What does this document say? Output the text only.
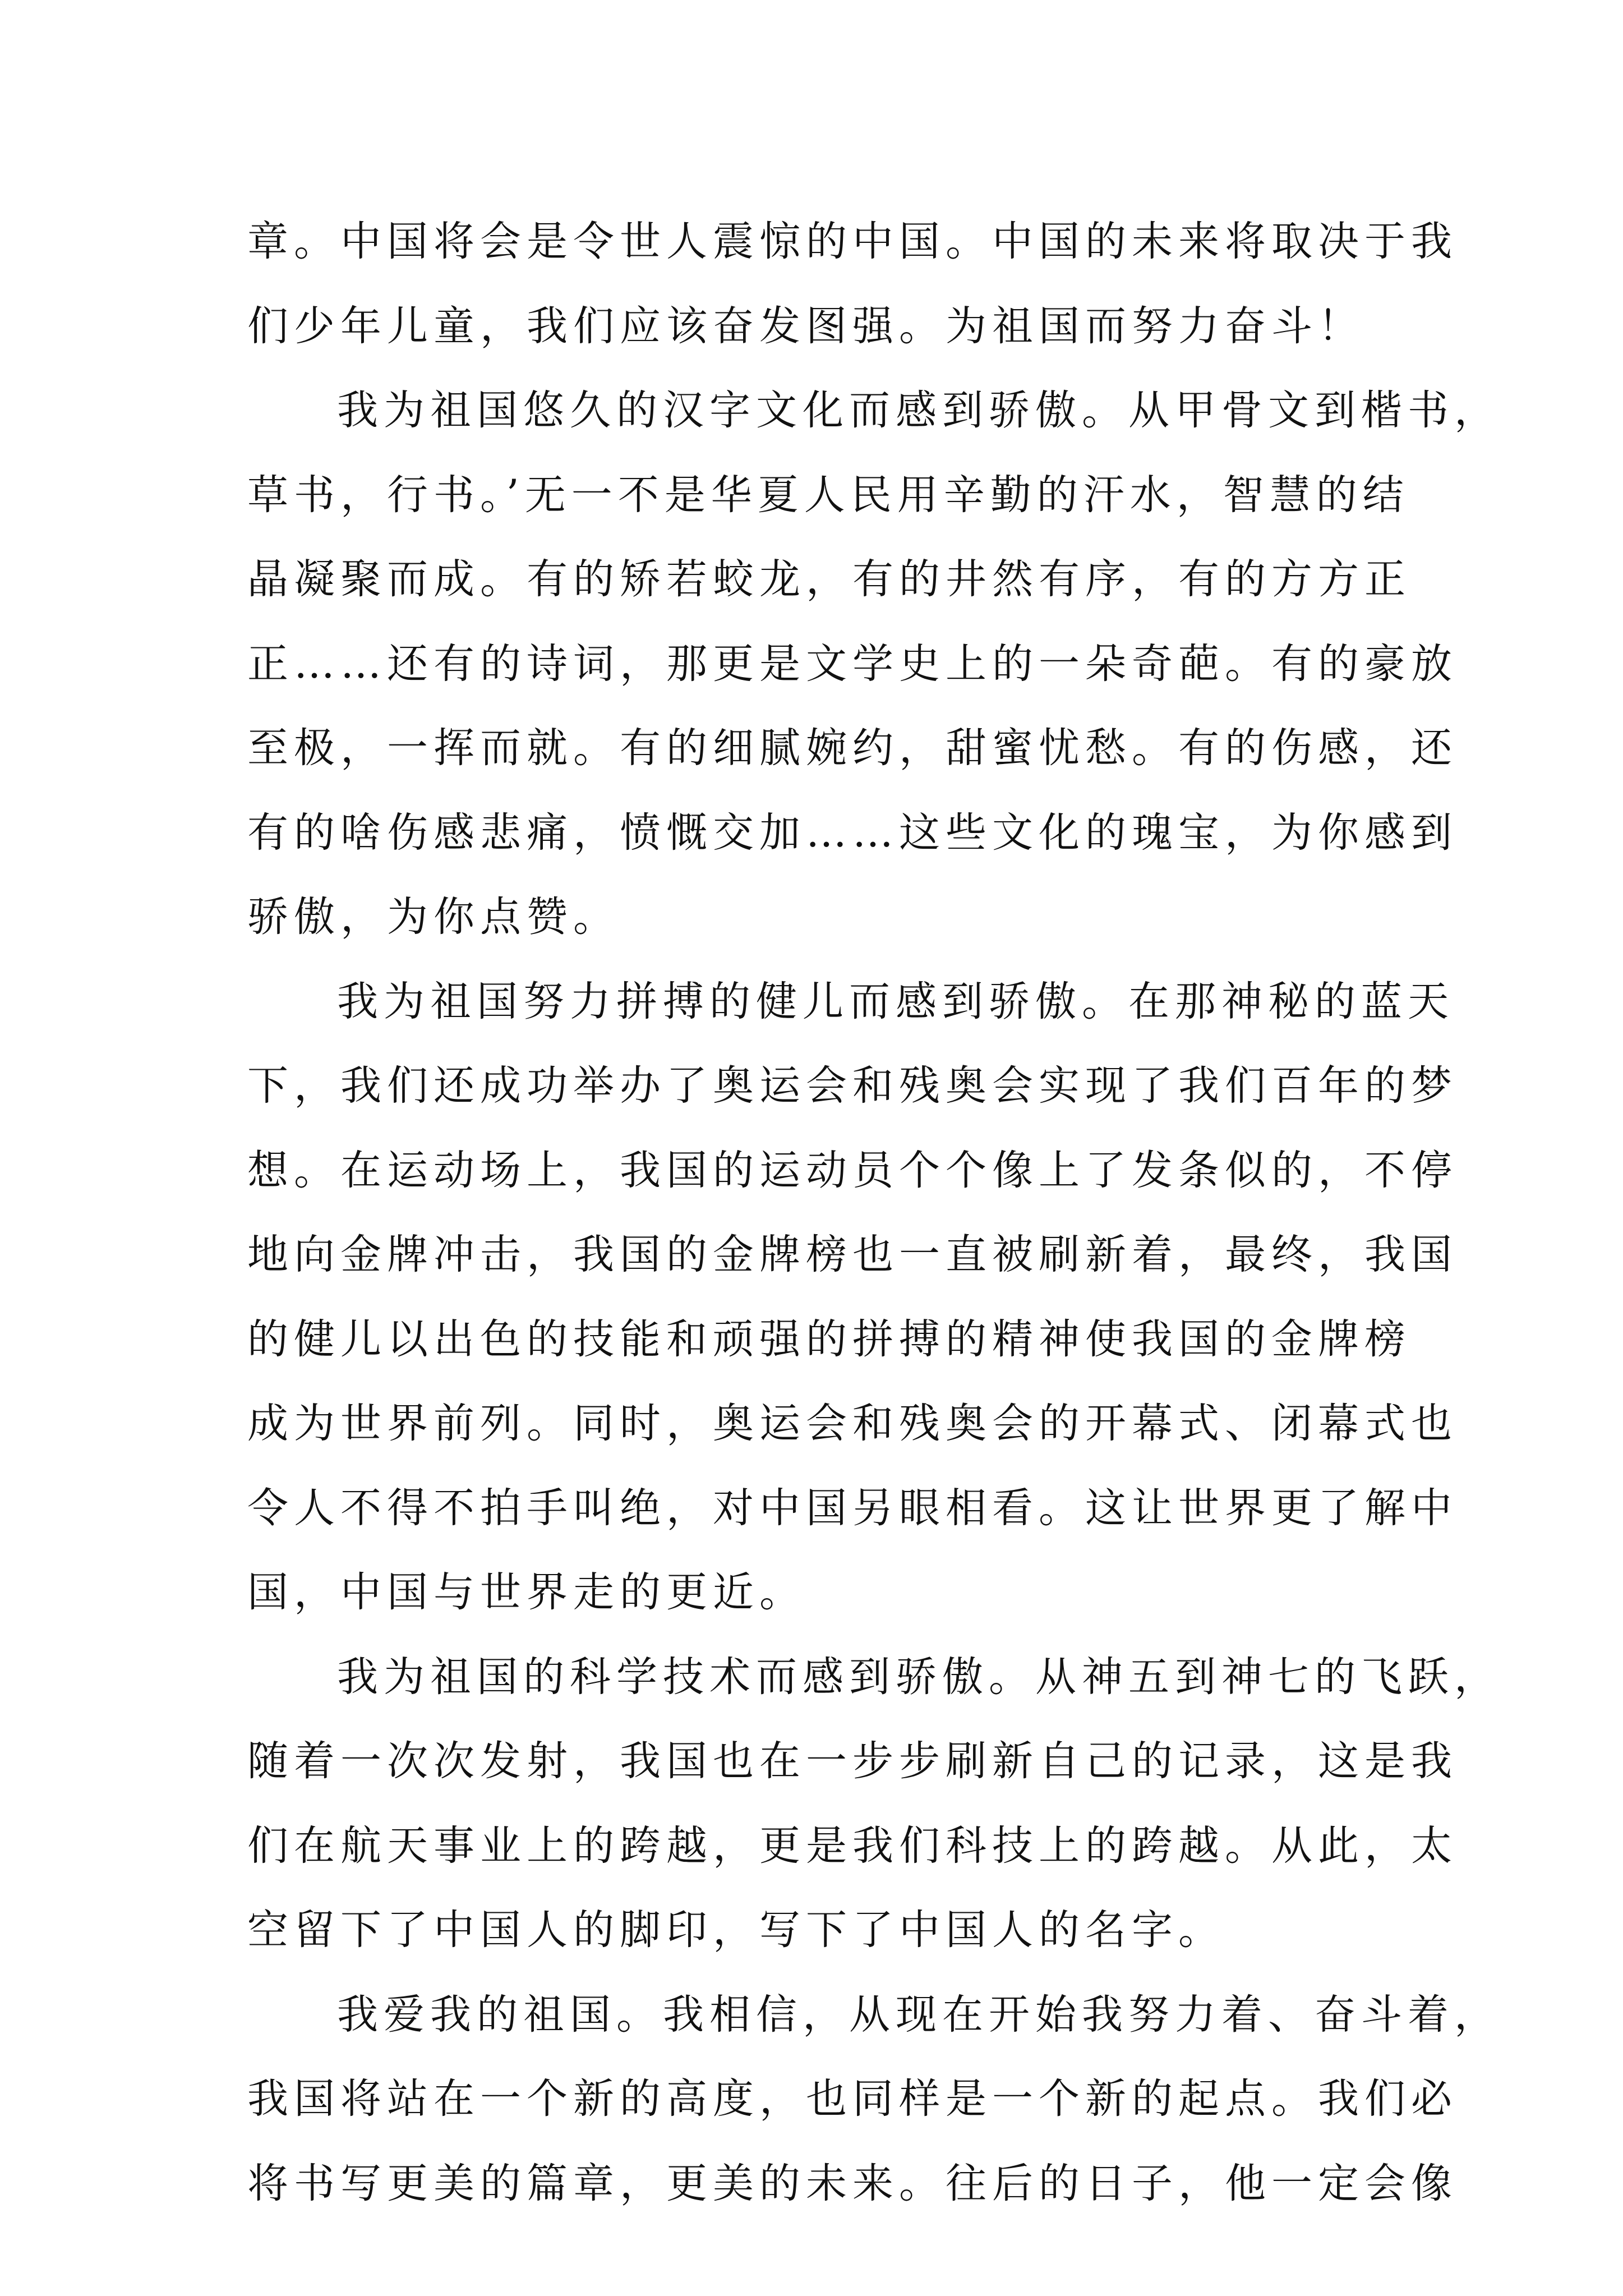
章。中国将会是令世人震惊的中国。中国的未来将取决于我
们少年儿童，我们应该奋发图强。为祖国而努力奋斗！
我为祖国悠久的汉字文化而感到骄傲。从甲骨文到楷书，
草书，行书。’无一不是华夏人民用辛勤的汗水，智慧的结
晶凝聚而成。有的矫若蛟龙，有的井然有序，有的方方正
正……还有的诗词，那更是文学史上的一朵奇葩。有的豪放
至极，一挥而就。有的细腻婉约，甜蜜忧愁。有的伤感，还
有的啥伤感悲痛，愤慨交加……这些文化的瑰宝，为你感到
骄傲，为你点赞。
我为祖国努力拼搏的健儿而感到骄傲。在那神秘的蓝天
下，我们还成功举办了奥运会和残奥会实现了我们百年的梦
想。在运动场上，我国的运动员个个像上了发条似的，不停
地向金牌冲击，我国的金牌榜也一直被刷新着，最终，我国
的健儿以出色的技能和顽强的拼搏的精神使我国的金牌榜
成为世界前列。同时，奥运会和残奥会的开幕式、闭幕式也
令人不得不拍手叫绝，对中国另眼相看。这让世界更了解中
国，中国与世界走的更近。
我为祖国的科学技术而感到骄傲。从神五到神七的飞跃，
随着一次次发射，我国也在一步步刷新自己的记录，这是我
们在航天事业上的跨越，更是我们科技上的跨越。从此，太
空留下了中国人的脚印，写下了中国人的名字。
我爱我的祖国。我相信，从现在开始我努力着、奋斗着，
我国将站在一个新的高度，也同样是一个新的起点。我们必
将书写更美的篇章，更美的未来。往后的日子，他一定会像
